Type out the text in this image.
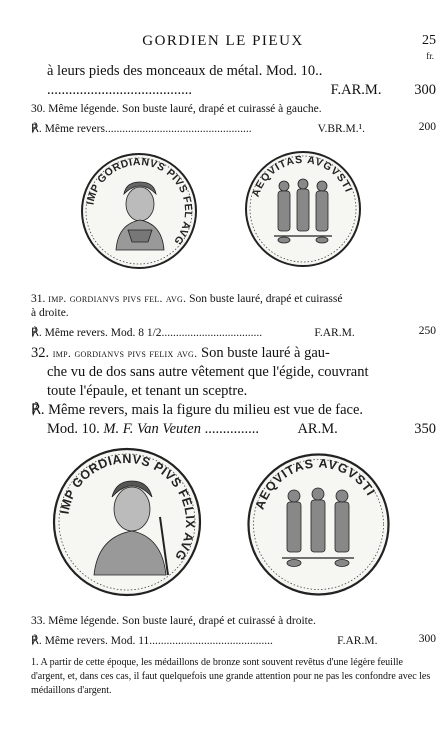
GORDIEN LE PIEUX	25
fr.
à leurs pieds des monceaux de métal. Mod. 10..
........................................	F.AR.M. 300
30. Même légende. Son buste lauré, drapé et cuirassé à gauche.
℟. Même revers...................................................	V.BR.M.¹.	200
IMP GORDIANVS PIVS FEL AVG
AEQVITAS AVGVSTI
31. imp. gordianvs pivs fel. avg. Son buste lauré, drapé et cuirassé
à droite.
℟. Même revers. Mod. 8 1/2...................................	F.AR.M.	250
32. imp. gordianvs pivs felix avg. Son buste lauré à gau-
che vu de dos sans autre vêtement que l'égide, couvrant
toute l'épaule, et tenant un sceptre.
℟. Même revers, mais la figure du milieu est vue de face.
Mod. 10. M. F. Van Veuten ...............	AR.M.	350
IMP GORDIANVS PIVS FELIX AVG
AEQVITAS AVGVSTI
33. Même légende. Son buste lauré, drapé et cuirassé à droite.
℟. Même revers. Mod. 11...........................................	F.AR.M.	300
1. A partir de cette époque, les médaillons de bronze sont souvent revêtus d'une légère feuille d'argent, et, dans ces cas, il faut quelquefois une grande attention pour ne pas les confondre avec les médaillons d'argent.
